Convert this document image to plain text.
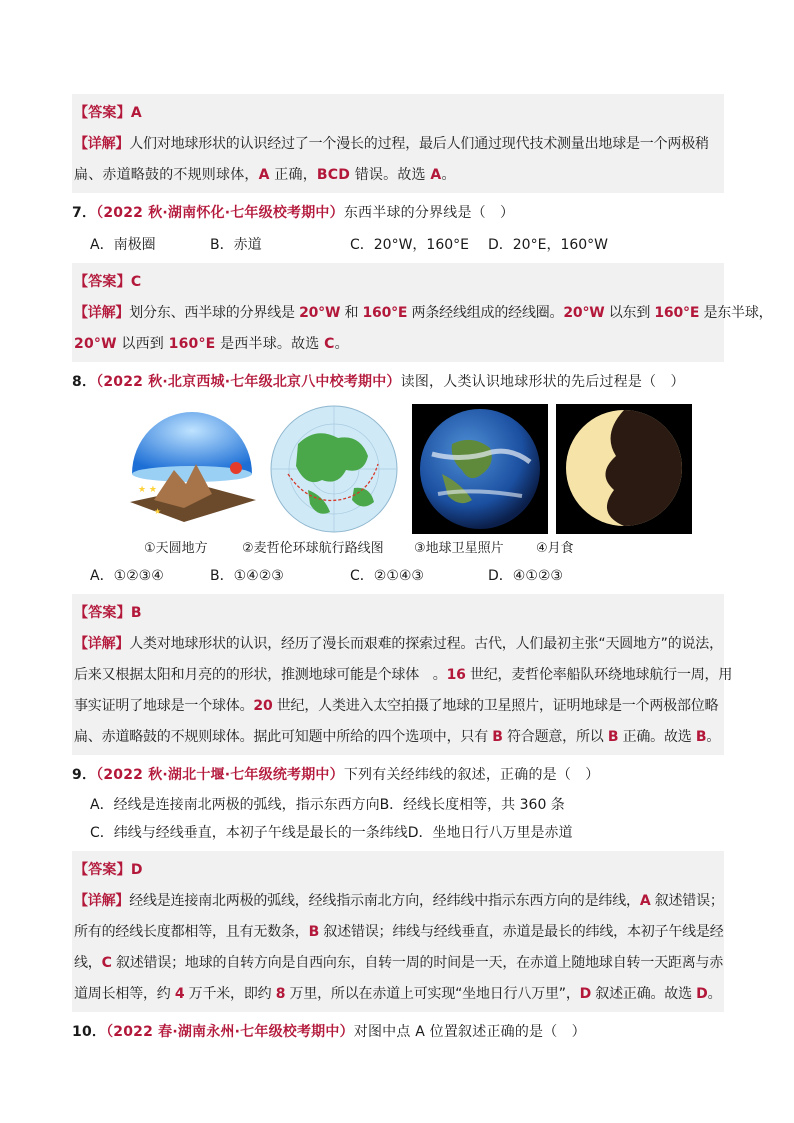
【答案】A
【详解】人们对地球形状的认识经过了一个漫长的过程，最后人们通过现代技术测量出地球是一个两极稍
扁、赤道略鼓的不规则球体，A 正确，BCD 错误。故选 A。
7．（2022 秋·湖南怀化·七年级校考期中）东西半球的分界线是（　）
A．南极圈	B．赤道	C．20°W，160°E	D．20°E，160°W
【答案】C
【详解】划分东、西半球的分界线是 20°W 和 160°E 两条经线组成的经线圈。20°W 以东到 160°E 是东半球，
20°W 以西到 160°E 是西半球。故选 C。
8．（2022 秋·北京西城·七年级北京八中校考期中）读图，人类认识地球形状的先后过程是（　）
★ ★
★
①天圆地方	②麦哲伦环球航行路线图	③地球卫星照片	④月食
A．①②③④	B．①④②③	C．②①④③	D．④①②③
【答案】B
【详解】人类对地球形状的认识，经历了漫长而艰难的探索过程。古代，人们最初主张“天圆地方”的说法，
后来又根据太阳和月亮的的形状，推测地球可能是个球体　。16 世纪，麦哲伦率船队环绕地球航行一周，用
事实证明了地球是一个球体。20 世纪，人类进入太空拍摄了地球的卫星照片，证明地球是一个两极部位略
扁、赤道略鼓的不规则球体。据此可知题中所给的四个选项中，只有 B 符合题意，所以 B 正确。故选 B。
9．（2022 秋·湖北十堰·七年级统考期中）下列有关经纬线的叙述，正确的是（　）
A．经线是连接南北两极的弧线，指示东西方向B．经线长度相等，共 360 条
C．纬线与经线垂直，本初子午线是最长的一条纬线D．坐地日行八万里是赤道
【答案】D
【详解】经线是连接南北两极的弧线，经线指示南北方向，经纬线中指示东西方向的是纬线，A 叙述错误；
所有的经线长度都相等，且有无数条，B 叙述错误；纬线与经线垂直，赤道是最长的纬线，本初子午线是经
线，C 叙述错误；地球的自转方向是自西向东，自转一周的时间是一天，在赤道上随地球自转一天距离与赤
道周长相等，约 4 万千米，即约 8 万里，所以在赤道上可实现“坐地日行八万里”，D 叙述正确。故选 D。
10．（2022 春·湖南永州·七年级校考期中）对图中点 A 位置叙述正确的是（　）
